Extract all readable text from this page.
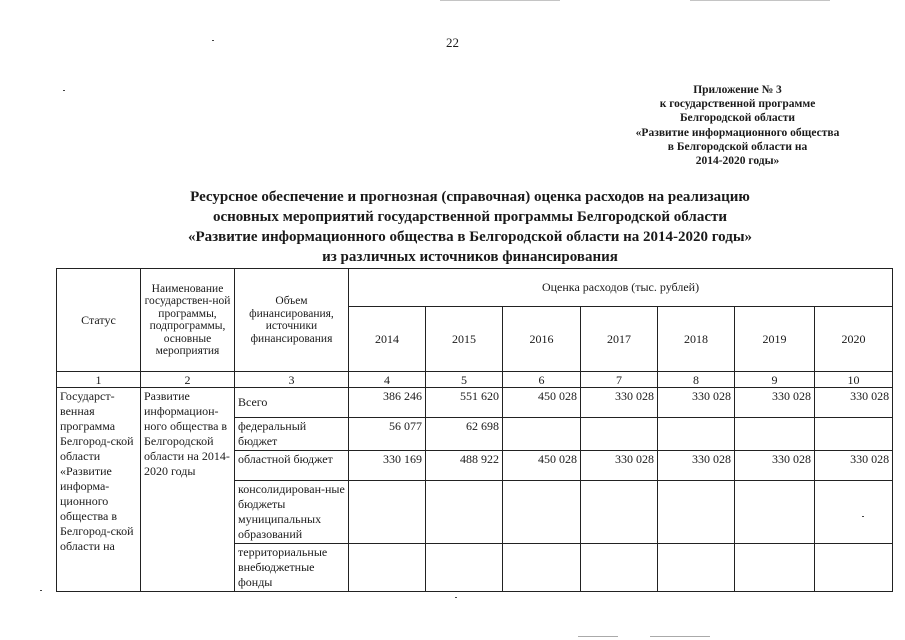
22
Приложение № 3
к государственной программе
Белгородской области
«Развитие информационного общества
в Белгородской области на
2014-2020 годы»
Ресурсное обеспечение и прогнозная (справочная) оценка расходов на реализацию
основных мероприятий государственной программы Белгородской области
«Развитие информационного общества в Белгородской области на 2014-2020 годы»
из различных источников финансирования
Статус	Наименование государствен-ной программы, подпрограммы, основные мероприятия	Объем финансирования, источники финансирования	Оценка расходов (тыс. рублей)						
			2014	2015	2016	2017	2018	2019	2020
1	2	3	4	5	6	7	8	9	10
Государст-венная программа Белгород-ской области «Развитие информа-ционного общества в Белгород-ской области на	Развитие информацион-ного общества в Белгородской области на 2014-2020 годы	Всего	386 246	551 620	450 028	330 028	330 028	330 028	330 028
		федеральный бюджет	56 077	62 698					
		областной бюджет	330 169	488 922	450 028	330 028	330 028	330 028	330 028
		консолидирован-ные бюджеты муниципальных образований							
		территориальные внебюджетные фонды							
